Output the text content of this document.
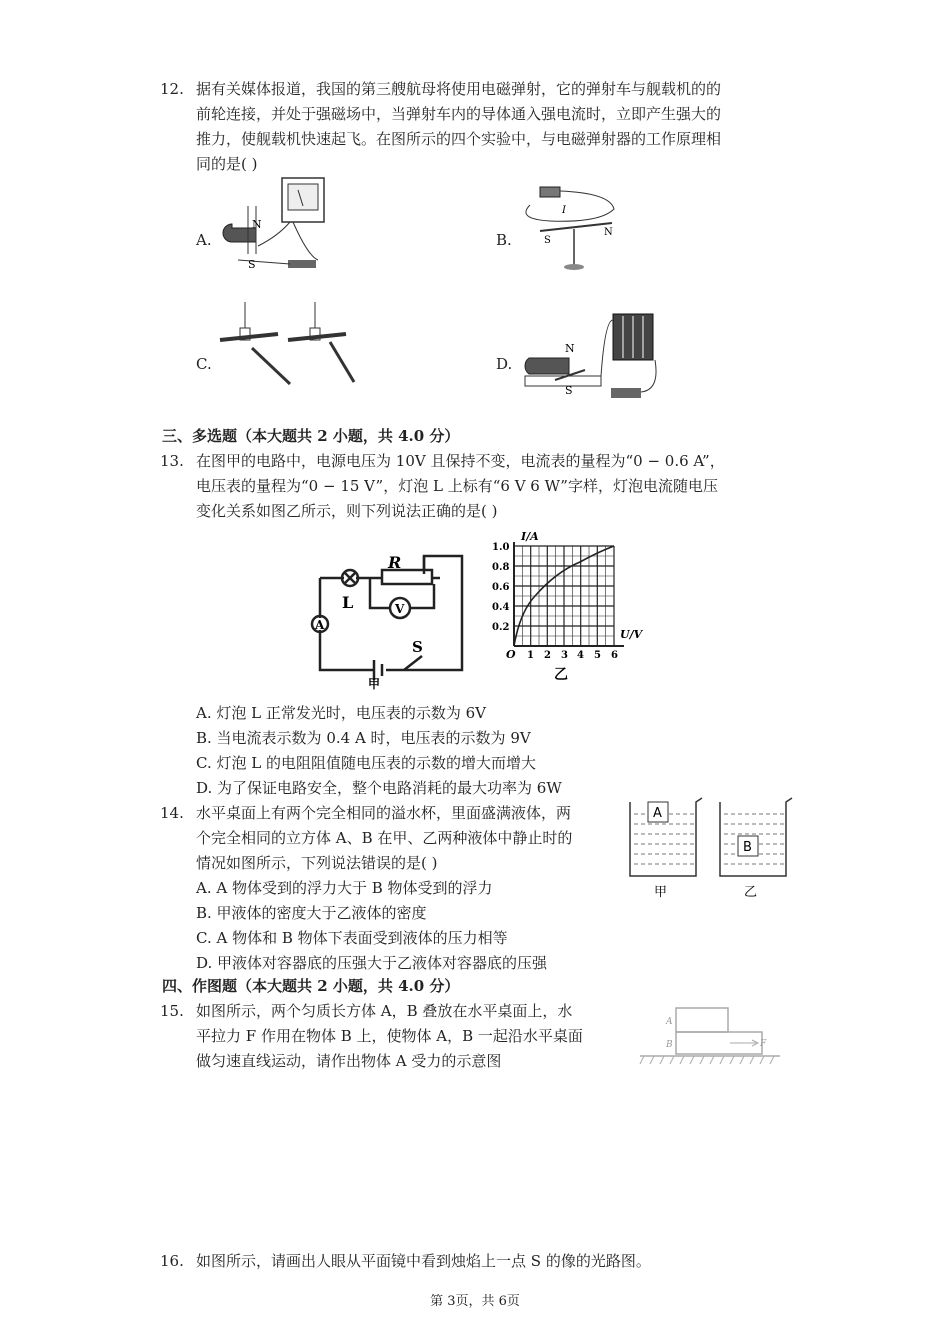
12. 据有关媒体报道，我国的第三艘航母将使用电磁弹射，它的弹射车与舰载机的的
前轮连接，并处于强磁场中，当弹射车内的导体通入强电流时，立即产生强大的
推力，使舰载机快速起飞。在图所示的四个实验中，与电磁弹射器的工作原理相
同的是( )
A.	B.
C.	D.
N
S
I
S
N
N
S
三、多选题（本大题共 2 小题，共 4.0 分）
13. 在图甲的电路中，电源电压为 10V 且保持不变，电流表的量程为“0 − 0.6 A”，
电压表的量程为“0 − 15 V”，灯泡 L 上标有“6 V 6 W”字样，灯泡电流随电压
变化关系如图乙所示，则下列说法正确的是( )
R
L
A
V
S
甲
I/A
U/V
O
0.2
0.4
0.6
0.8
1.0
1 2 3 4 5 6
乙
A. 灯泡 L 正常发光时，电压表的示数为 6V
B. 当电流表示数为 0.4 A 时，电压表的示数为 9V
C. 灯泡 L 的电阻阻值随电压表的示数的增大而增大
D. 为了保证电路安全，整个电路消耗的最大功率为 6W
14. 水平桌面上有两个完全相同的溢水杯，里面盛满液体，两
个完全相同的立方体 A、B 在甲、乙两种液体中静止时的
情况如图所示，下列说法错误的是( )
A. A 物体受到的浮力大于 B 物体受到的浮力
B. 甲液体的密度大于乙液体的密度
C. A 物体和 B 物体下表面受到液体的压力相等
D. 甲液体对容器底的压强大于乙液体对容器底的压强
A
B
甲	乙
四、作图题（本大题共 2 小题，共 4.0 分）
15. 如图所示，两个匀质长方体 A，B 叠放在水平桌面上，水
平拉力 F 作用在物体 B 上，使物体 A，B 一起沿水平桌面
做匀速直线运动，请作出物体 A 受力的示意图
A
B	F
16. 如图所示，请画出人眼从平面镜中看到烛焰上一点 S 的像的光路图。
第 3页，共 6页
